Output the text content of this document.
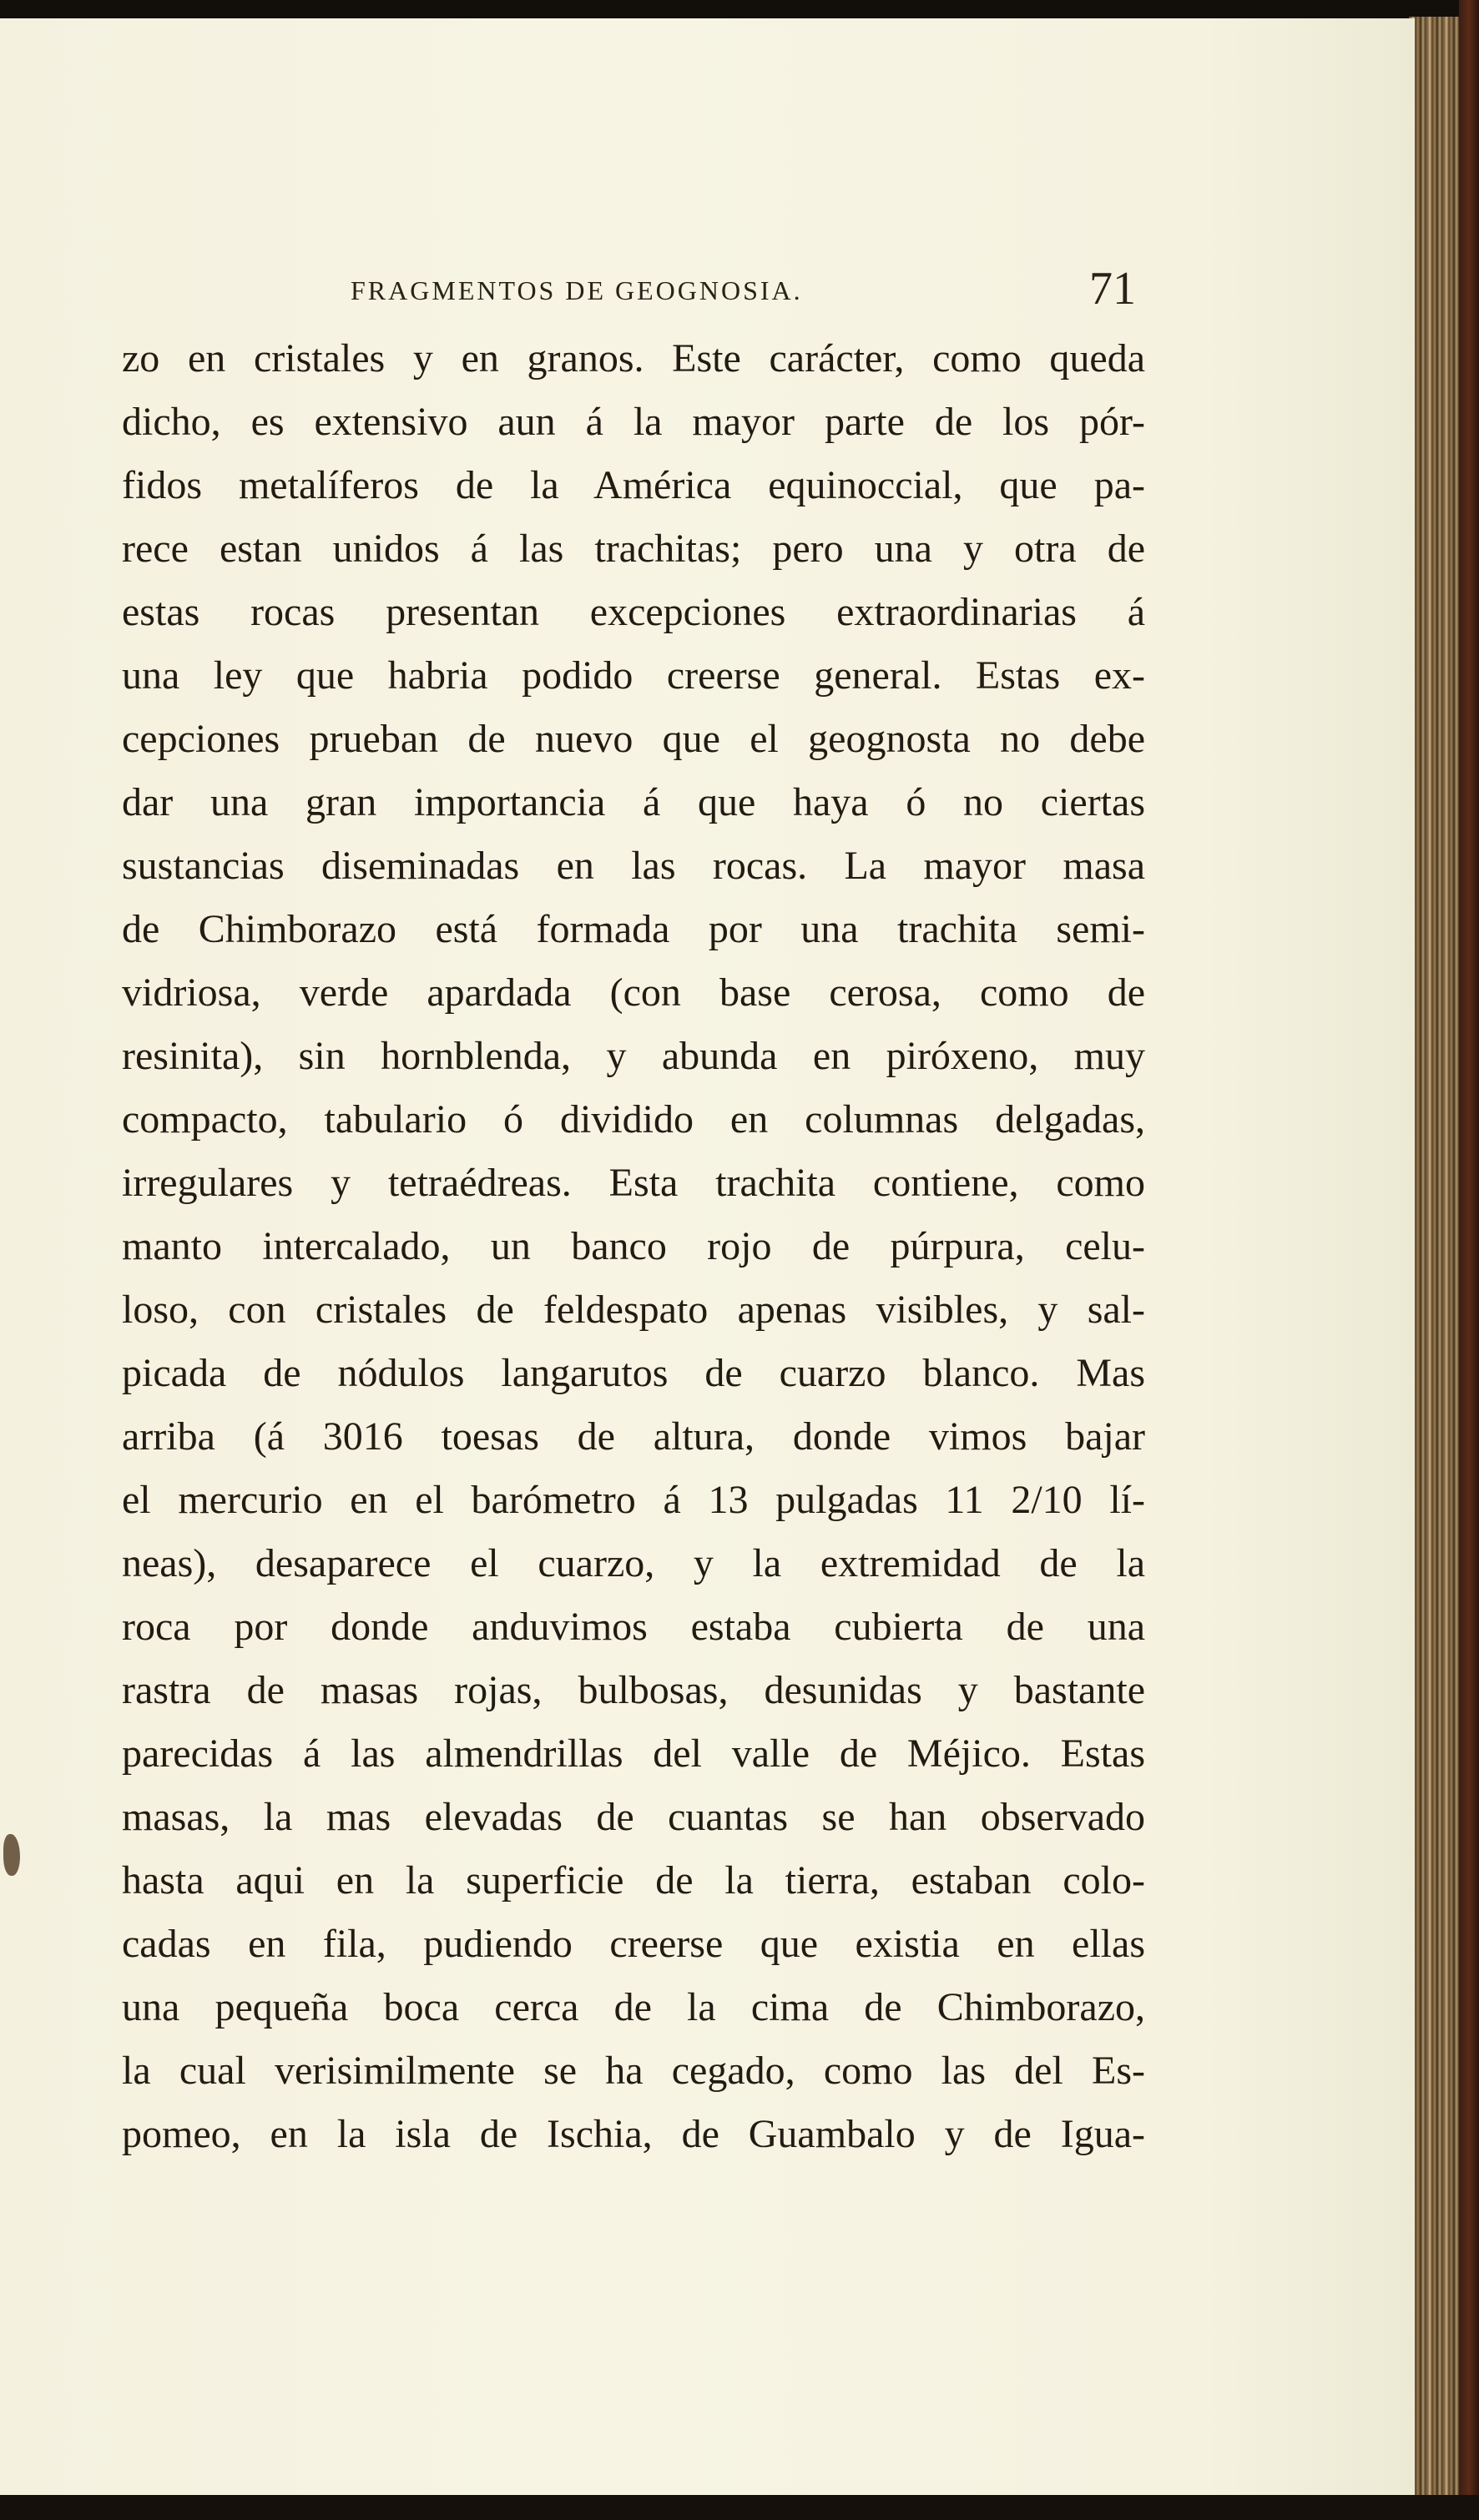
FRAGMENTOS DE GEOGNOSIA.	71
zo en cristales y en granos. Este carácter, como queda
dicho, es extensivo aun á la mayor parte de los pór-
fidos metalíferos de la América equinoccial, que pa-
rece estan unidos á las trachitas; pero una y otra de
estas rocas presentan excepciones extraordinarias á
una ley que habria podido creerse general. Estas ex-
cepciones prueban de nuevo que el geognosta no debe
dar una gran importancia á que haya ó no ciertas
sustancias diseminadas en las rocas. La mayor masa
de Chimborazo está formada por una trachita semi-
vidriosa, verde apardada (con base cerosa, como de
resinita), sin hornblenda, y abunda en piróxeno, muy
compacto, tabulario ó dividido en columnas delgadas,
irregulares y tetraédreas. Esta trachita contiene, como
manto intercalado, un banco rojo de púrpura, celu-
loso, con cristales de feldespato apenas visibles, y sal-
picada de nódulos langarutos de cuarzo blanco. Mas
arriba (á 3016 toesas de altura, donde vimos bajar
el mercurio en el barómetro á 13 pulgadas 11 2/10 lí-
neas), desaparece el cuarzo, y la extremidad de la
roca por donde anduvimos estaba cubierta de una
rastra de masas rojas, bulbosas, desunidas y bastante
parecidas á las almendrillas del valle de Méjico. Estas
masas, la mas elevadas de cuantas se han observado
hasta aqui en la superficie de la tierra, estaban colo-
cadas en fila, pudiendo creerse que existia en ellas
una pequeña boca cerca de la cima de Chimborazo,
la cual verisimilmente se ha cegado, como las del Es-
pomeo, en la isla de Ischia, de Guambalo y de Igua-
